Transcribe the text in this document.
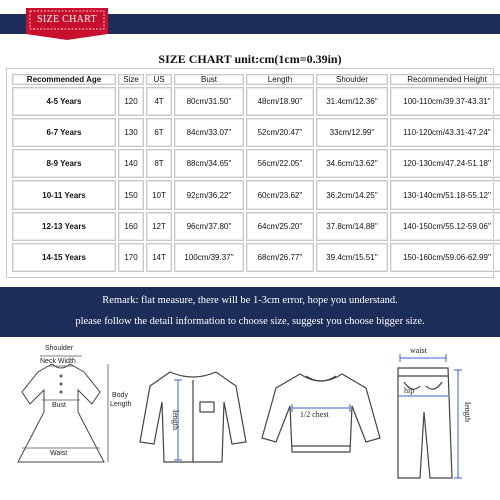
SIZE CHART
SIZE CHART unit:cm(1cm=0.39in)
Recommended Age	Size	US	Bust	Length	Shoulder	Recommended Height
4-5 Years	120	4T	80cm/31.50''	48cm/18.90''	31.4cm/12.36''	100-110cm/39.37-43.31''
6-7 Years	130	6T	84cm/33.07''	52cm/20.47''	33cm/12.99''	110-120cm/43.31-47.24''
8-9 Years	140	8T	88cm/34.65''	56cm/22.05''	34.6cm/13.62''	120-130cm/47.24-51.18''
10-11 Years	150	10T	92cm/36.22''	60cm/23.62''	36.2cm/14.25''	130-140cm/51.18-55.12''
12-13 Years	160	12T	96cm/37.80''	64cm/25.20''	37.8cm/14.88''	140-150cm/55.12-59.06''
14-15 Years	170	14T	100cm/39.37''	68cm/26.77''	39.4cm/15.51''	150-160cm/59.06-62.99''
Remark: flat measure, there will be 1-3cm error, hope you understand.
please follow the detail information to choose size, suggest you choose bigger size.
Shoulder
Neck Width
Bust
Waist
Body
Length
length	1/2 chest
waist
hip
length
